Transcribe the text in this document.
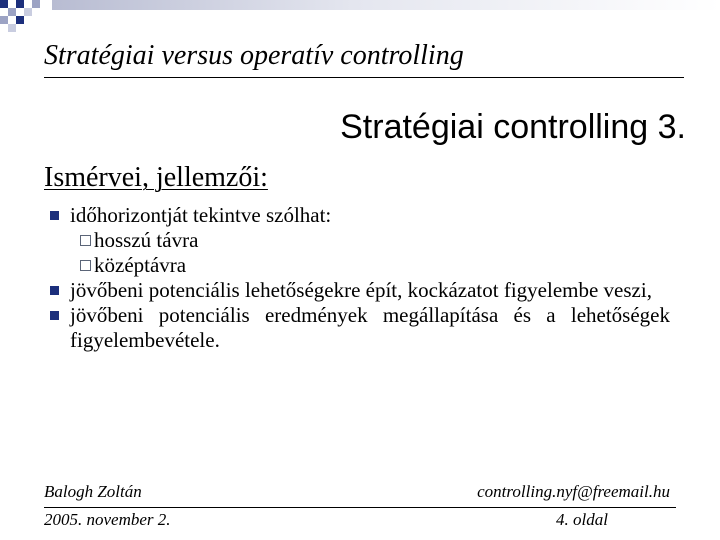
Stratégiai versus operatív controlling
Stratégiai controlling 3.
Ismérvei, jellemzői:
időhorizontját tekintve szólhat:
hosszú távra
középtávra
jövőbeni potenciális lehetőségekre épít, kockázatot figyelembe veszi,
jövőbeni potenciális eredmények megállapítása és a lehetőségek figyelembevétele.
Balogh Zoltán	controlling.nyf@freemail.hu
2005. november 2.	4. oldal
